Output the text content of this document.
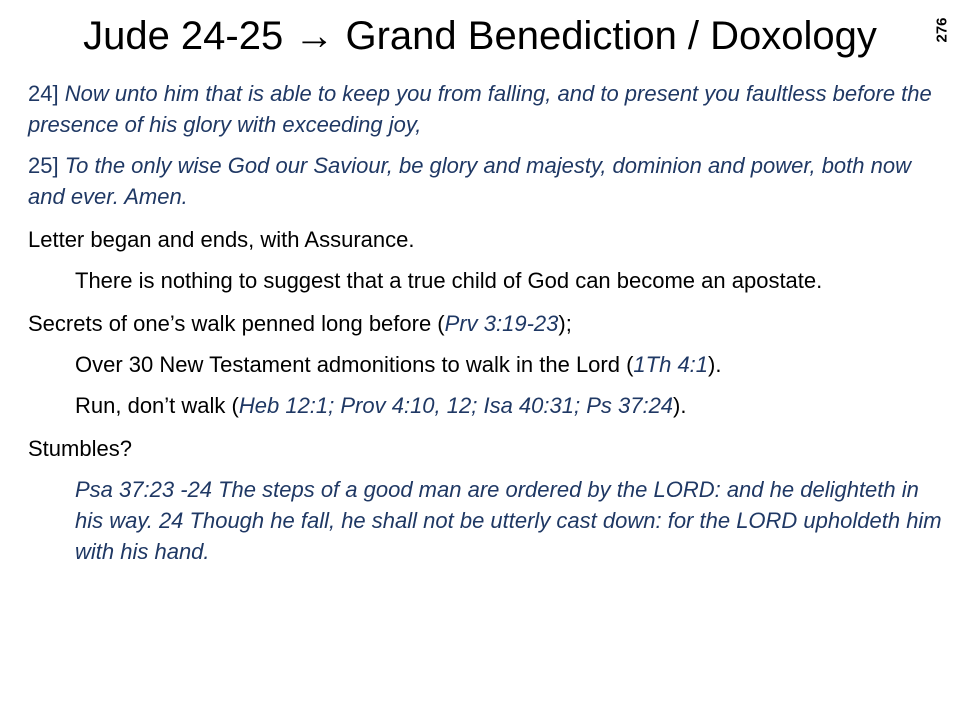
Jude 24-25 → Grand Benediction / Doxology	276

24] Now unto him that is able to keep you from falling, and to present you faultless before the presence of his glory with exceeding joy,

25] To the only wise God our Saviour, be glory and majesty, dominion and power, both now and ever. Amen.

Letter began and ends, with Assurance.

There is nothing to suggest that a true child of God can become an apostate.

Secrets of one’s walk penned long before (Prv 3:19-23);

Over 30 New Testament admonitions to walk in the Lord (1Th 4:1).

Run, don’t walk (Heb 12:1; Prov 4:10, 12; Isa 40:31; Ps 37:24).

Stumbles?

Psa 37:23 -24 The steps of a good man are ordered by the LORD: and he delighteth in his way. 24 Though he fall, he shall not be utterly cast down: for the LORD upholdeth him with his hand.
